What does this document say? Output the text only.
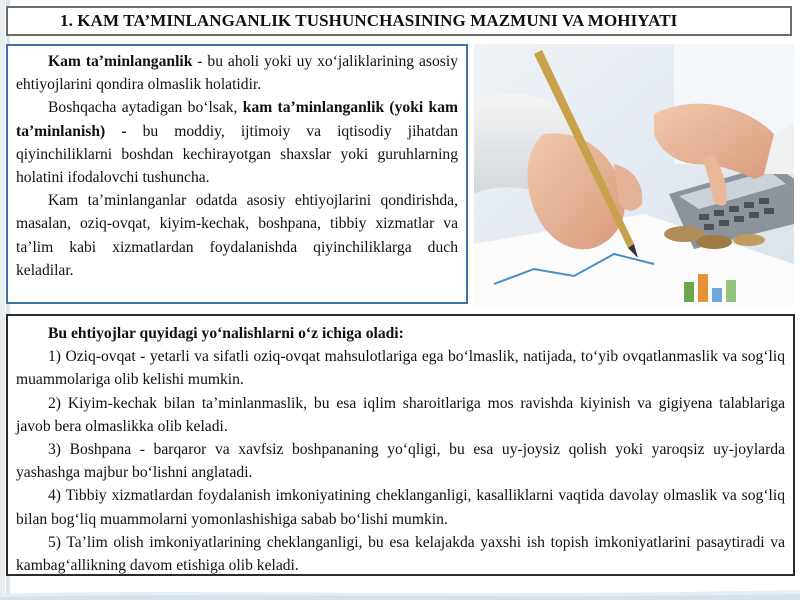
1. KAM TA’MINLANGANLIK TUSHUNCHASINING MAZMUNI VA MOHIYATI

Kam ta’minlanganlik - bu aholi yoki uy xo‘jaliklarining asosiy ehtiyojlarini qondira olmaslik holatidir.

Boshqacha aytadigan bo‘lsak, kam ta’minlanganlik (yoki kam ta’minlanish) - bu moddiy, ijtimoiy va iqtisodiy jihatdan qiyinchiliklarni boshdan kechirayotgan shaxslar yoki guruhlarning holatini ifodalovchi tushuncha.

Kam ta’minlanganlar odatda asosiy ehtiyojlarini qondirishda, masalan, oziq-ovqat, kiyim-kechak, boshpana, tibbiy xizmatlar va ta’lim kabi xizmatlardan foydalanishda qiyinchiliklarga duch keladilar.

Bu ehtiyojlar quyidagi yo‘nalishlarni o‘z ichiga oladi:

1) Oziq-ovqat - yetarli va sifatli oziq-ovqat mahsulotlariga ega bo‘lmaslik, natijada, to‘yib ovqatlanmaslik va sog‘liq muammolariga olib kelishi mumkin.

2) Kiyim-kechak bilan ta’minlanmaslik, bu esa iqlim sharoitlariga mos ravishda kiyinish va gigiyena talablariga javob bera olmaslikka olib keladi.

3) Boshpana - barqaror va xavfsiz boshpananing yo‘qligi, bu esa uy-joysiz qolish yoki yaroqsiz uy-joylarda yashashga majbur bo‘lishni anglatadi.

4) Tibbiy xizmatlardan foydalanish imkoniyatining cheklanganligi, kasalliklarni vaqtida davolay olmaslik va sog‘liq bilan bog‘liq muammolarni yomonlashishiga sabab bo‘lishi mumkin.

5) Ta’lim olish imkoniyatlarining cheklanganligi, bu esa kelajakda yaxshi ish topish imkoniyatlarini pasaytiradi va kambag‘allikning davom etishiga olib keladi.
